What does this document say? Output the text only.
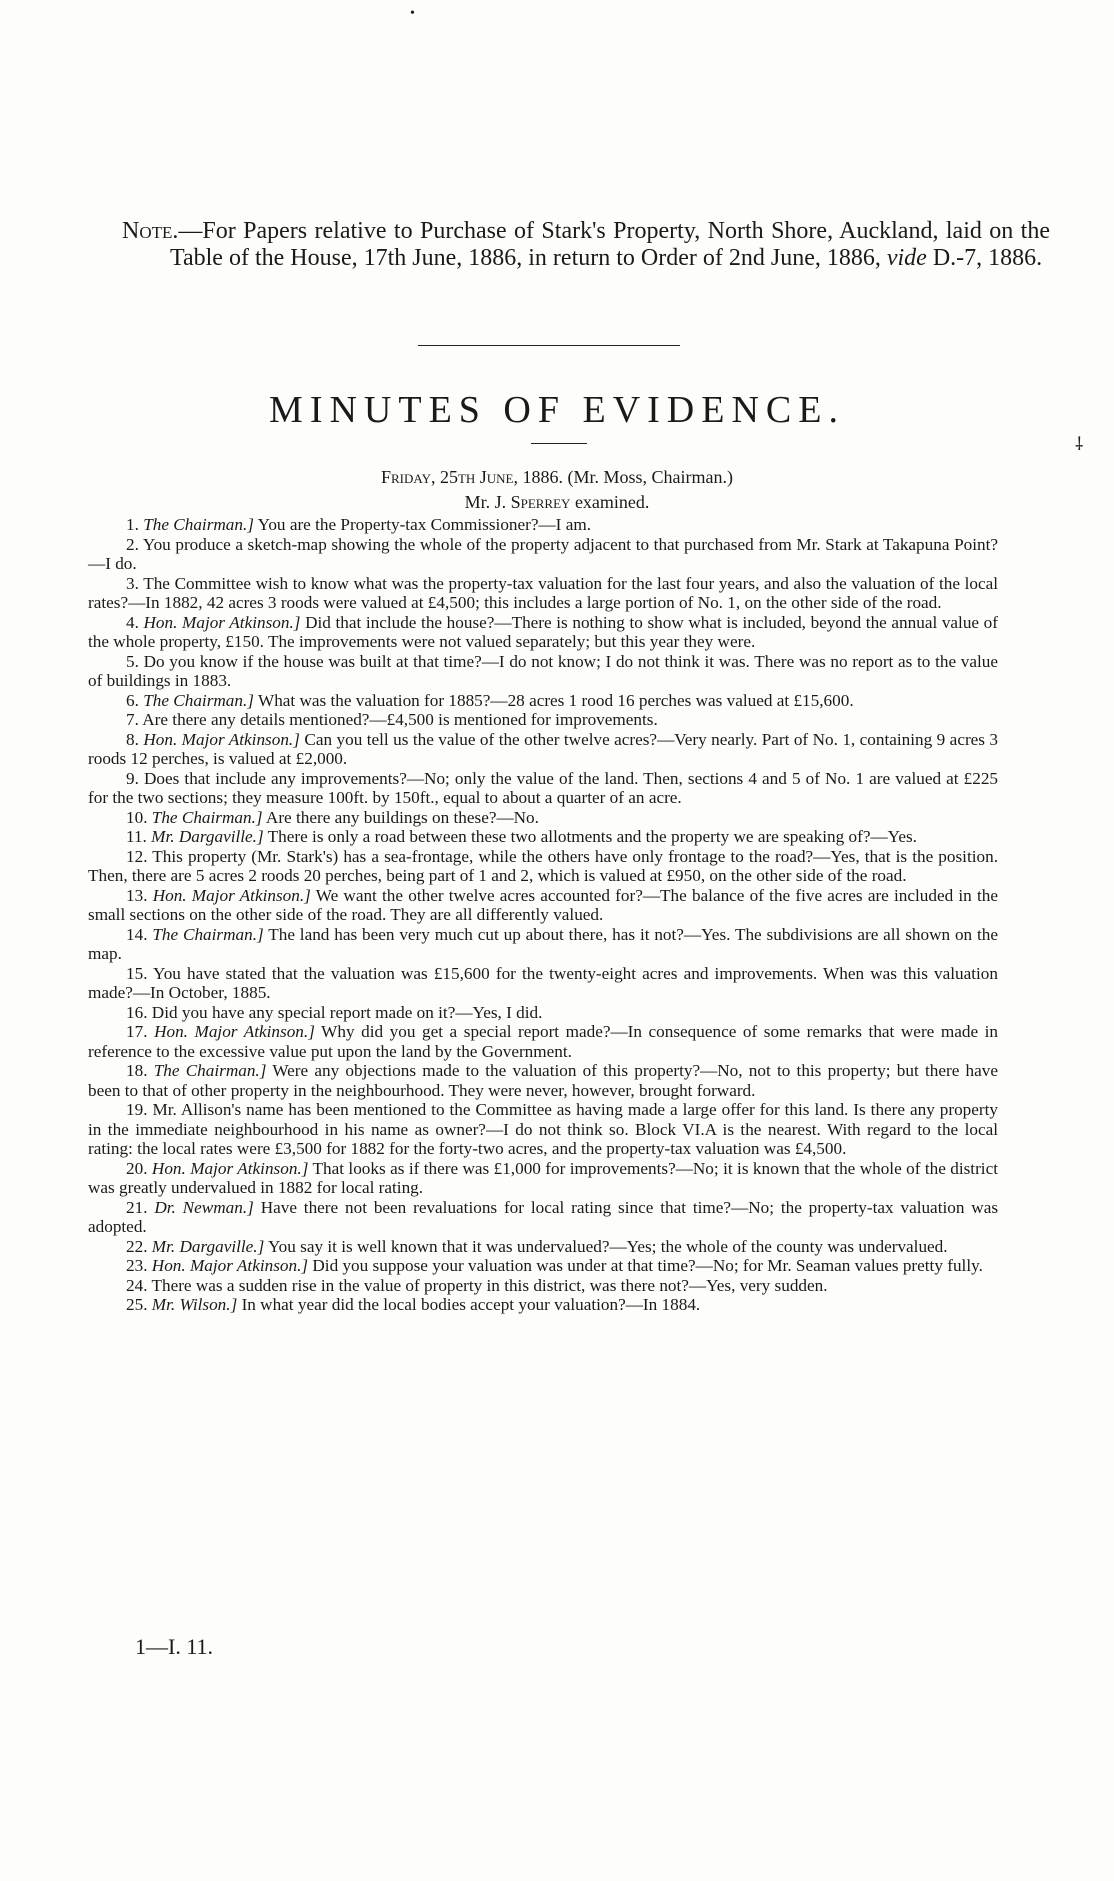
•
⸸
Note.—For Papers relative to Purchase of Stark's Property, North Shore, Auckland, laid on the Table of the House, 17th June, 1886, in return to Order of 2nd June, 1886, vide D.-7, 1886.
MINUTES OF EVIDENCE.
Friday, 25th June, 1886. (Mr. Moss, Chairman.)
Mr. J. Sperrey examined.

1. The Chairman.] You are the Property-tax Commissioner?—I am.

2. You produce a sketch-map showing the whole of the property adjacent to that purchased from Mr. Stark at Takapuna Point?—I do.

3. The Committee wish to know what was the property-tax valuation for the last four years, and also the valuation of the local rates?—In 1882, 42 acres 3 roods were valued at £4,500; this includes a large portion of No. 1, on the other side of the road.

4. Hon. Major Atkinson.] Did that include the house?—There is nothing to show what is included, beyond the annual value of the whole property, £150. The improvements were not valued separately; but this year they were.

5. Do you know if the house was built at that time?—I do not know; I do not think it was. There was no report as to the value of buildings in 1883.

6. The Chairman.] What was the valuation for 1885?—28 acres 1 rood 16 perches was valued at £15,600.

7. Are there any details mentioned?—£4,500 is mentioned for improvements.

8. Hon. Major Atkinson.] Can you tell us the value of the other twelve acres?—Very nearly. Part of No. 1, containing 9 acres 3 roods 12 perches, is valued at £2,000.

9. Does that include any improvements?—No; only the value of the land. Then, sections 4 and 5 of No. 1 are valued at £225 for the two sections; they measure 100ft. by 150ft., equal to about a quarter of an acre.

10. The Chairman.] Are there any buildings on these?—No.

11. Mr. Dargaville.] There is only a road between these two allotments and the property we are speaking of?—Yes.

12. This property (Mr. Stark's) has a sea-frontage, while the others have only frontage to the road?—Yes, that is the position. Then, there are 5 acres 2 roods 20 perches, being part of 1 and 2, which is valued at £950, on the other side of the road.

13. Hon. Major Atkinson.] We want the other twelve acres accounted for?—The balance of the five acres are included in the small sections on the other side of the road. They are all differently valued.

14. The Chairman.] The land has been very much cut up about there, has it not?—Yes. The subdivisions are all shown on the map.

15. You have stated that the valuation was £15,600 for the twenty-eight acres and improvements. When was this valuation made?—In October, 1885.

16. Did you have any special report made on it?—Yes, I did.

17. Hon. Major Atkinson.] Why did you get a special report made?—In consequence of some remarks that were made in reference to the excessive value put upon the land by the Government.

18. The Chairman.] Were any objections made to the valuation of this property?—No, not to this property; but there have been to that of other property in the neighbourhood. They were never, however, brought forward.

19. Mr. Allison's name has been mentioned to the Committee as having made a large offer for this land. Is there any property in the immediate neighbourhood in his name as owner?—I do not think so. Block VI.A is the nearest. With regard to the local rating: the local rates were £3,500 for 1882 for the forty-two acres, and the property-tax valuation was £4,500.

20. Hon. Major Atkinson.] That looks as if there was £1,000 for improvements?—No; it is known that the whole of the district was greatly undervalued in 1882 for local rating.

21. Dr. Newman.] Have there not been revaluations for local rating since that time?—No; the property-tax valuation was adopted.

22. Mr. Dargaville.] You say it is well known that it was undervalued?—Yes; the whole of the county was undervalued.

23. Hon. Major Atkinson.] Did you suppose your valuation was under at that time?—No; for Mr. Seaman values pretty fully.

24. There was a sudden rise in the value of property in this district, was there not?—Yes, very sudden.

25. Mr. Wilson.] In what year did the local bodies accept your valuation?—In 1884.

1—I. 11.
